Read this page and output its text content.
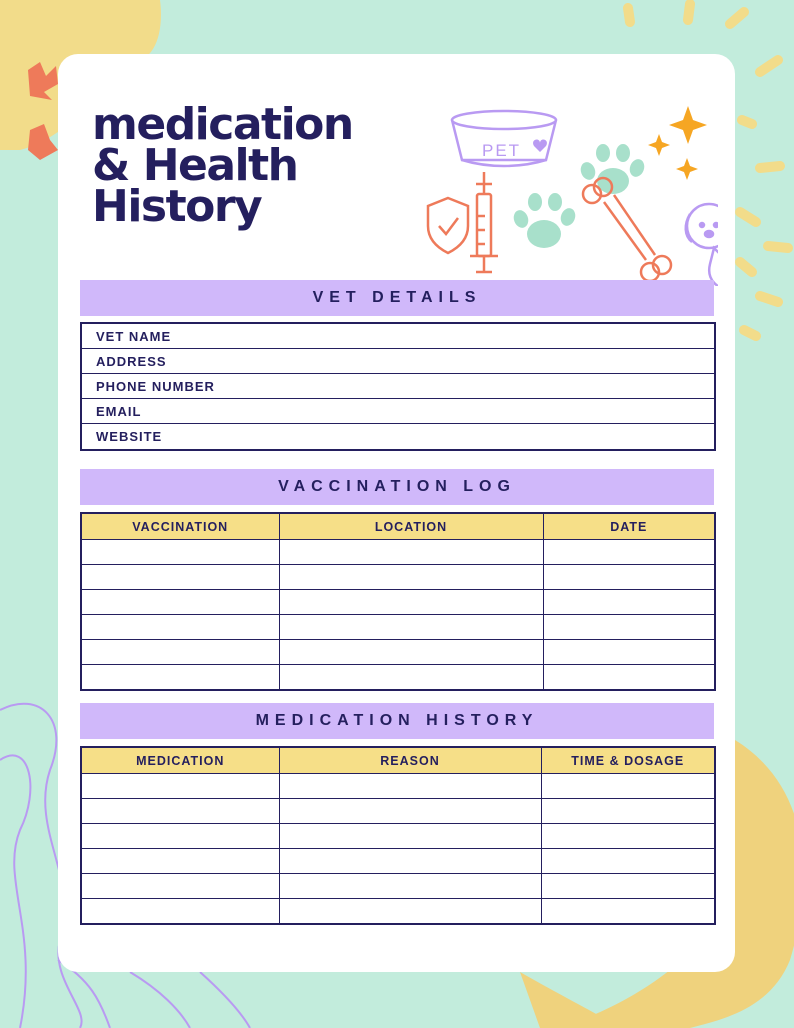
medication
& Health
History
PET
VET DETAILS
VET NAME
ADDRESS
PHONE NUMBER
EMAIL
WEBSITE
VACCINATION LOG
VACCINATION	LOCATION	DATE

MEDICATION HISTORY
MEDICATION	REASON	TIME & DOSAGE
